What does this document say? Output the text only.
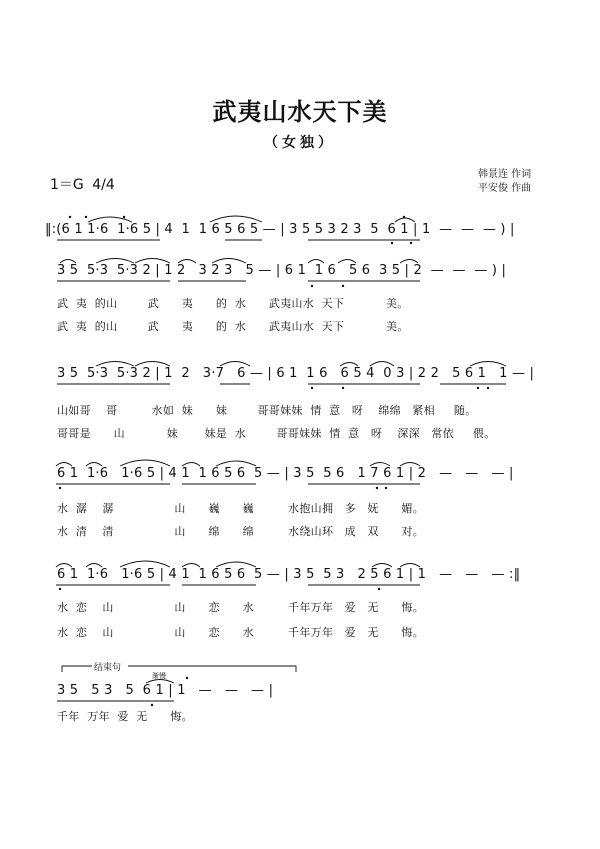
武夷山水天下美
（女独）
1＝G 4/4
韩景连 作词
平安俊 作曲
‖:(6 1 1·6  1·6 5 | 4  1  1 6 5 6 5 — | 3 5 5 3 2 3  5  6 1 | 1  —  —  — ) |
3 5  5·3  5·3 2 | 1 2   3 2 3   5 — | 6 1  1 6   5 6  3 5 | 2  —  —  — ) |
3 5  5·3  5·3 2 | 1  2   3·7   6 — | 6 1  1 6   6 5 4  0 3 | 2 2   5 6 1   1 — |
6 1  1·6   1·6 5 | 4 1  1 6 5 6  5 — | 3 5  5 6   1 7 6 1 | 2   —   —   — |
6 1  1·6   1·6 5 | 4 1  1 6 5 6  5 — | 3 5  5 3   2 5 6 1 | 1   —   —   — :‖
3 5   5 3   5  6 1 | 1   —   —   — |
武  夷  的山        武      夷      的  水      武夷山水  天下           美。
武  夷  的山        武      夷      的  水      武夷山水  天下           美。
山如哥    哥         水如  妹      妹        哥哥妹妹  情  意   呀    绵绵   紧相     随。
哥哥是      山           妹       妹是  水        哥哥妹妹  情  意   呀    深深   常依     偎。
水  潺    潺                山      巍      巍         水抱山拥   多   妩      媚。
水  清    清                山      绵      绵         水绕山环   成   双      对。
水  恋    山                山      恋      水         千年万年   爱   无      悔。
水  恋    山                山      恋      水         千年万年   爱   无      悔。
千年  万年  爱  无      悔。
结束句
渐慢
